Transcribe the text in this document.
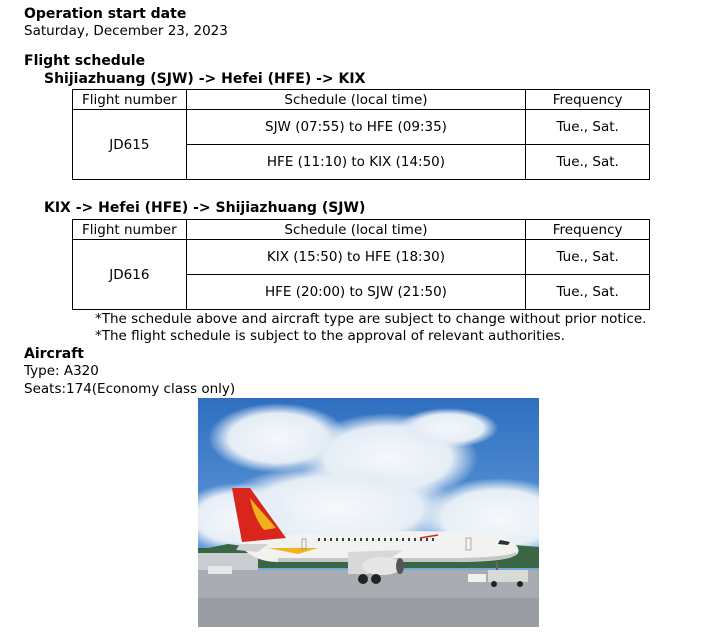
Operation start date
Saturday, December 23, 2023
Flight schedule
Shijiazhuang (SJW) -> Hefei (HFE) -> KIX
Flight number	Schedule (local time)	Frequency
JD615	SJW (07:55) to HFE (09:35)	Tue., Sat.
	HFE (11:10) to KIX (14:50)	Tue., Sat.
KIX -> Hefei (HFE) -> Shijiazhuang (SJW)
Flight number	Schedule (local time)	Frequency
JD616	KIX (15:50) to HFE (18:30)	Tue., Sat.
	HFE (20:00) to SJW (21:50)	Tue., Sat.
*The schedule above and aircraft type are subject to change without prior notice.
*The flight schedule is subject to the approval of relevant authorities.
Aircraft
Type: A320
Seats:174(Economy class only)
